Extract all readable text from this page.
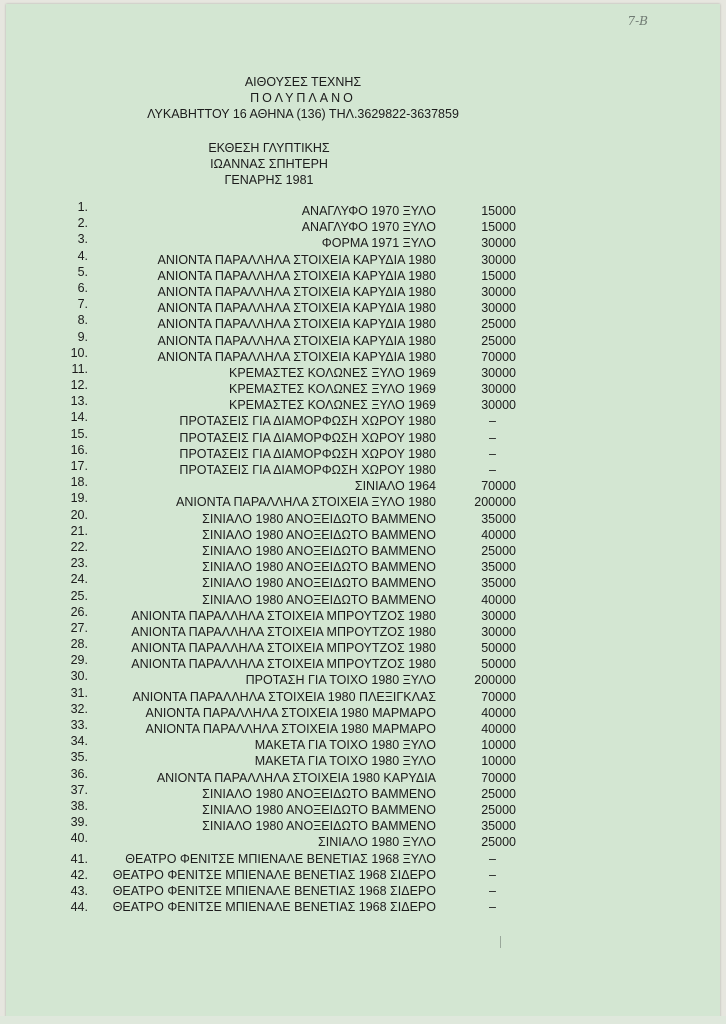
7-B
ΑΙΘΟΥΣΕΣ ΤΕΧΝΗΣ
ΠΟΛΥΠΛΑΝΟ
ΛΥΚΑΒΗΤΤΟΥ 16 ΑΘΗΝΑ (136) ΤΗΛ.3629822-3637859
ΕΚΘΕΣΗ ΓΛΥΠΤΙΚΗΣ
ΙΩΑΝΝΑΣ ΣΠΗΤΕΡΗ
ΓΕΝΑΡΗΣ 1981
1.	ΑΝΑΓΛΥΦΟ 1970 ΞΥΛΟ	15000
2.	ΑΝΑΓΛΥΦΟ 1970 ΞΥΛΟ	15000
3.	ΦΟΡΜΑ 1971 ΞΥΛΟ	30000
4.	ΑΝΙΟΝΤΑ ΠΑΡΑΛΛΗΛΑ ΣΤΟΙΧΕΙΑ ΚΑΡΥΔΙΑ 1980	30000
5.	ΑΝΙΟΝΤΑ ΠΑΡΑΛΛΗΛΑ ΣΤΟΙΧΕΙΑ ΚΑΡΥΔΙΑ 1980	15000
6.	ΑΝΙΟΝΤΑ ΠΑΡΑΛΛΗΛΑ ΣΤΟΙΧΕΙΑ ΚΑΡΥΔΙΑ 1980	30000
7.	ΑΝΙΟΝΤΑ ΠΑΡΑΛΛΗΛΑ ΣΤΟΙΧΕΙΑ ΚΑΡΥΔΙΑ 1980	30000
8.	ΑΝΙΟΝΤΑ ΠΑΡΑΛΛΗΛΑ ΣΤΟΙΧΕΙΑ ΚΑΡΥΔΙΑ 1980	25000
9.	ΑΝΙΟΝΤΑ ΠΑΡΑΛΛΗΛΑ ΣΤΟΙΧΕΙΑ ΚΑΡΥΔΙΑ 1980	25000
10.	ΑΝΙΟΝΤΑ ΠΑΡΑΛΛΗΛΑ ΣΤΟΙΧΕΙΑ ΚΑΡΥΔΙΑ 1980	70000
11.	ΚΡΕΜΑΣΤΕΣ ΚΟΛΩΝΕΣ ΞΥΛΟ 1969	30000
12.	ΚΡΕΜΑΣΤΕΣ ΚΟΛΩΝΕΣ ΞΥΛΟ 1969	30000
13.	ΚΡΕΜΑΣΤΕΣ ΚΟΛΩΝΕΣ ΞΥΛΟ 1969	30000
14.	ΠΡΟΤΑΣΕΙΣ ΓΙΑ ΔΙΑΜΟΡΦΩΣΗ ΧΩΡΟΥ 1980	–
15.	ΠΡΟΤΑΣΕΙΣ ΓΙΑ ΔΙΑΜΟΡΦΩΣΗ ΧΩΡΟΥ 1980	–
16.	ΠΡΟΤΑΣΕΙΣ ΓΙΑ ΔΙΑΜΟΡΦΩΣΗ ΧΩΡΟΥ 1980	–
17.	ΠΡΟΤΑΣΕΙΣ ΓΙΑ ΔΙΑΜΟΡΦΩΣΗ ΧΩΡΟΥ 1980	–
18.	ΣΙΝΙΑΛΟ 1964	70000
19.	ΑΝΙΟΝΤΑ ΠΑΡΑΛΛΗΛΑ ΣΤΟΙΧΕΙΑ ΞΥΛΟ 1980	200000
20.	ΣΙΝΙΑΛΟ 1980 ΑΝΟΞΕΙΔΩΤΟ ΒΑΜΜΕΝΟ	35000
21.	ΣΙΝΙΑΛΟ 1980 ΑΝΟΞΕΙΔΩΤΟ ΒΑΜΜΕΝΟ	40000
22.	ΣΙΝΙΑΛΟ 1980 ΑΝΟΞΕΙΔΩΤΟ ΒΑΜΜΕΝΟ	25000
23.	ΣΙΝΙΑΛΟ 1980 ΑΝΟΞΕΙΔΩΤΟ ΒΑΜΜΕΝΟ	35000
24.	ΣΙΝΙΑΛΟ 1980 ΑΝΟΞΕΙΔΩΤΟ ΒΑΜΜΕΝΟ	35000
25.	ΣΙΝΙΑΛΟ 1980 ΑΝΟΞΕΙΔΩΤΟ ΒΑΜΜΕΝΟ	40000
26.	ΑΝΙΟΝΤΑ ΠΑΡΑΛΛΗΛΑ ΣΤΟΙΧΕΙΑ ΜΠΡΟΥΤΖΟΣ 1980	30000
27.	ΑΝΙΟΝΤΑ ΠΑΡΑΛΛΗΛΑ ΣΤΟΙΧΕΙΑ ΜΠΡΟΥΤΖΟΣ 1980	30000
28.	ΑΝΙΟΝΤΑ ΠΑΡΑΛΛΗΛΑ ΣΤΟΙΧΕΙΑ ΜΠΡΟΥΤΖΟΣ 1980	50000
29.	ΑΝΙΟΝΤΑ ΠΑΡΑΛΛΗΛΑ ΣΤΟΙΧΕΙΑ ΜΠΡΟΥΤΖΟΣ 1980	50000
30.	ΠΡΟΤΑΣΗ ΓΙΑ ΤΟΙΧΟ 1980 ΞΥΛΟ	200000
31.	ΑΝΙΟΝΤΑ ΠΑΡΑΛΛΗΛΑ ΣΤΟΙΧΕΙΑ 1980 ΠΛΕΞΙΓΚΛΑΣ	70000
32.	ΑΝΙΟΝΤΑ ΠΑΡΑΛΛΗΛΑ ΣΤΟΙΧΕΙΑ 1980 ΜΑΡΜΑΡΟ	40000
33.	ΑΝΙΟΝΤΑ ΠΑΡΑΛΛΗΛΑ ΣΤΟΙΧΕΙΑ 1980 ΜΑΡΜΑΡΟ	40000
34.	ΜΑΚΕΤΑ ΓΙΑ ΤΟΙΧΟ 1980 ΞΥΛΟ	10000
35.	ΜΑΚΕΤΑ ΓΙΑ ΤΟΙΧΟ 1980 ΞΥΛΟ	10000
36.	ΑΝΙΟΝΤΑ ΠΑΡΑΛΛΗΛΑ ΣΤΟΙΧΕΙΑ 1980 ΚΑΡΥΔΙΑ	70000
37.	ΣΙΝΙΑΛΟ 1980 ΑΝΟΞΕΙΔΩΤΟ ΒΑΜΜΕΝΟ	25000
38.	ΣΙΝΙΑΛΟ 1980 ΑΝΟΞΕΙΔΩΤΟ ΒΑΜΜΕΝΟ	25000
39.	ΣΙΝΙΑΛΟ 1980 ΑΝΟΞΕΙΔΩΤΟ ΒΑΜΜΕΝΟ	35000
40.	ΣΙΝΙΑΛΟ 1980 ΞΥΛΟ	25000
41.	ΘΕΑΤΡΟ ΦΕΝΙΤΣΕ ΜΠΙΕΝΑΛΕ ΒΕΝΕΤΙΑΣ 1968 ΞΥΛΟ	–
42. ΘΕΑΤΡΟ ΦΕΝΙΤΣΕ ΜΠΙΕΝΑΛΕ ΒΕΝΕΤΙΑΣ 1968 ΣΙΔΕΡΟ	–
43. ΘΕΑΤΡΟ ΦΕΝΙΤΣΕ ΜΠΙΕΝΑΛΕ ΒΕΝΕΤΙΑΣ 1968 ΣΙΔΕΡΟ	–
44. ΘΕΑΤΡΟ ΦΕΝΙΤΣΕ ΜΠΙΕΝΑΛΕ ΒΕΝΕΤΙΑΣ 1968 ΣΙΔΕΡΟ	–
